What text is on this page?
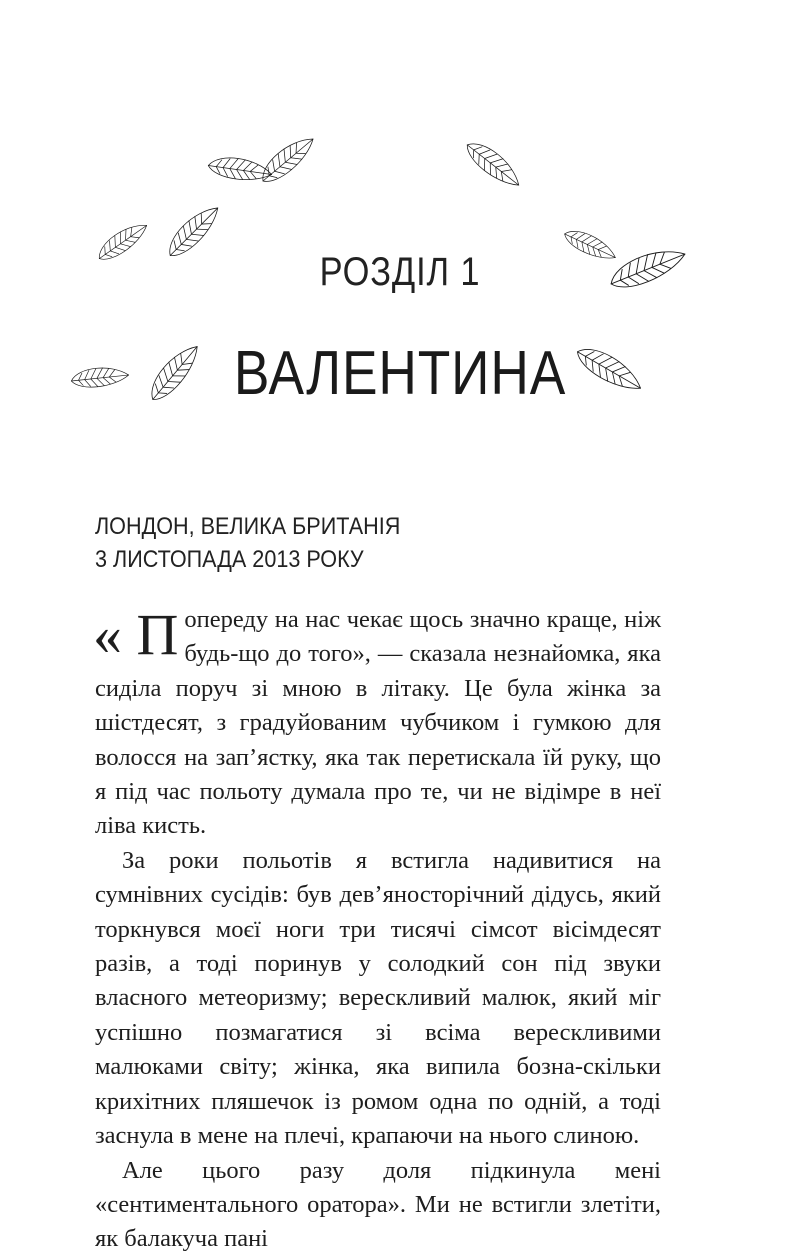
РОЗДІЛ 1
ВАЛЕНТИНА
ЛОНДОН, ВЕЛИКА БРИТАНІЯ
3 ЛИСТОПАДА 2013 РОКУ

« П опереду на нас чекає щось значно краще, ніж будь-що до того», — сказала незнайомка, яка сиділа поруч зі мною в літаку. Це була жінка за шістдесят, з градуйованим чубчиком і гумкою для волосся на зап’ястку, яка так перетискала їй руку, що я під час польоту думала про те, чи не відімре в неї ліва кисть.

За роки польотів я встигла надивитися на сумнівних сусідів: був дев’яносторічний дідусь, який торкнувся моєї ноги три тисячі сімсот вісімдесят разів, а тоді поринув у солодкий сон під звуки власного метеоризму; верескливий малюк, який міг успішно позмагатися зі всіма верескливими малюками світу; жінка, яка випила бозна-скільки крихітних пляшечок із ромом одна по одній, а тоді заснула в мене на плечі, крапаючи на нього слиною.

Але цього разу доля підкинула мені «сентиментального оратора». Ми не встигли злетіти, як балакуча пані
